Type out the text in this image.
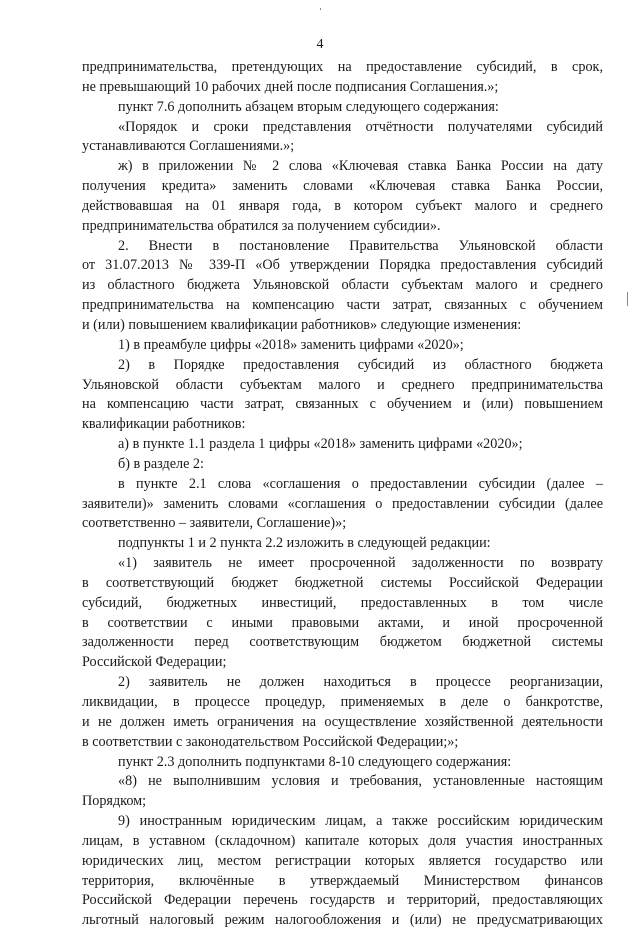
4
предпринимательства, претендующих на предоставление субсидий, в срок,
не превышающий 10 рабочих дней после подписания Соглашения.»;
пункт 7.6 дополнить абзацем вторым следующего содержания:
«Порядок и сроки представления отчётности получателями субсидий
устанавливаются Соглашениями.»;
ж) в приложении № 2 слова «Ключевая ставка Банка России на дату
получения кредита» заменить словами «Ключевая ставка Банка России,
действовавшая на 01 января года, в котором субъект малого и среднего
предпринимательства обратился за получением субсидии».
2. Внести в постановление Правительства Ульяновской области
от 31.07.2013 № 339-П «Об утверждении Порядка предоставления субсидий
из областного бюджета Ульяновской области субъектам малого и среднего
предпринимательства на компенсацию части затрат, связанных с обучением
и (или) повышением квалификации работников» следующие изменения:
1) в преамбуле цифры «2018» заменить цифрами «2020»;
2) в Порядке предоставления субсидий из областного бюджета
Ульяновской области субъектам малого и среднего предпринимательства
на компенсацию части затрат, связанных с обучением и (или) повышением
квалификации работников:
а) в пункте 1.1 раздела 1 цифры «2018» заменить цифрами «2020»;
б) в разделе 2:
в пункте 2.1 слова «соглашения о предоставлении субсидии (далее –
заявители)» заменить словами «соглашения о предоставлении субсидии (далее
соответственно – заявители, Соглашение)»;
подпункты 1 и 2 пункта 2.2 изложить в следующей редакции:
«1) заявитель не имеет просроченной задолженности по возврату
в соответствующий бюджет бюджетной системы Российской Федерации
субсидий, бюджетных инвестиций, предоставленных в том числе
в соответствии с иными правовыми актами, и иной просроченной
задолженности перед соответствующим бюджетом бюджетной системы
Российской Федерации;
2) заявитель не должен находиться в процессе реорганизации,
ликвидации, в процессе процедур, применяемых в деле о банкротстве,
и не должен иметь ограничения на осуществление хозяйственной деятельности
в соответствии с законодательством Российской Федерации;»;
пункт 2.3 дополнить подпунктами 8-10 следующего содержания:
«8) не выполнившим условия и требования, установленные настоящим
Порядком;
9) иностранным юридическим лицам, а также российским юридическим
лицам, в уставном (складочном) капитале которых доля участия иностранных
юридических лиц, местом регистрации которых является государство или
территория, включённые в утверждаемый Министерством финансов
Российской Федерации перечень государств и территорий, предоставляющих
льготный налоговый режим налогообложения и (или) не предусматривающих
